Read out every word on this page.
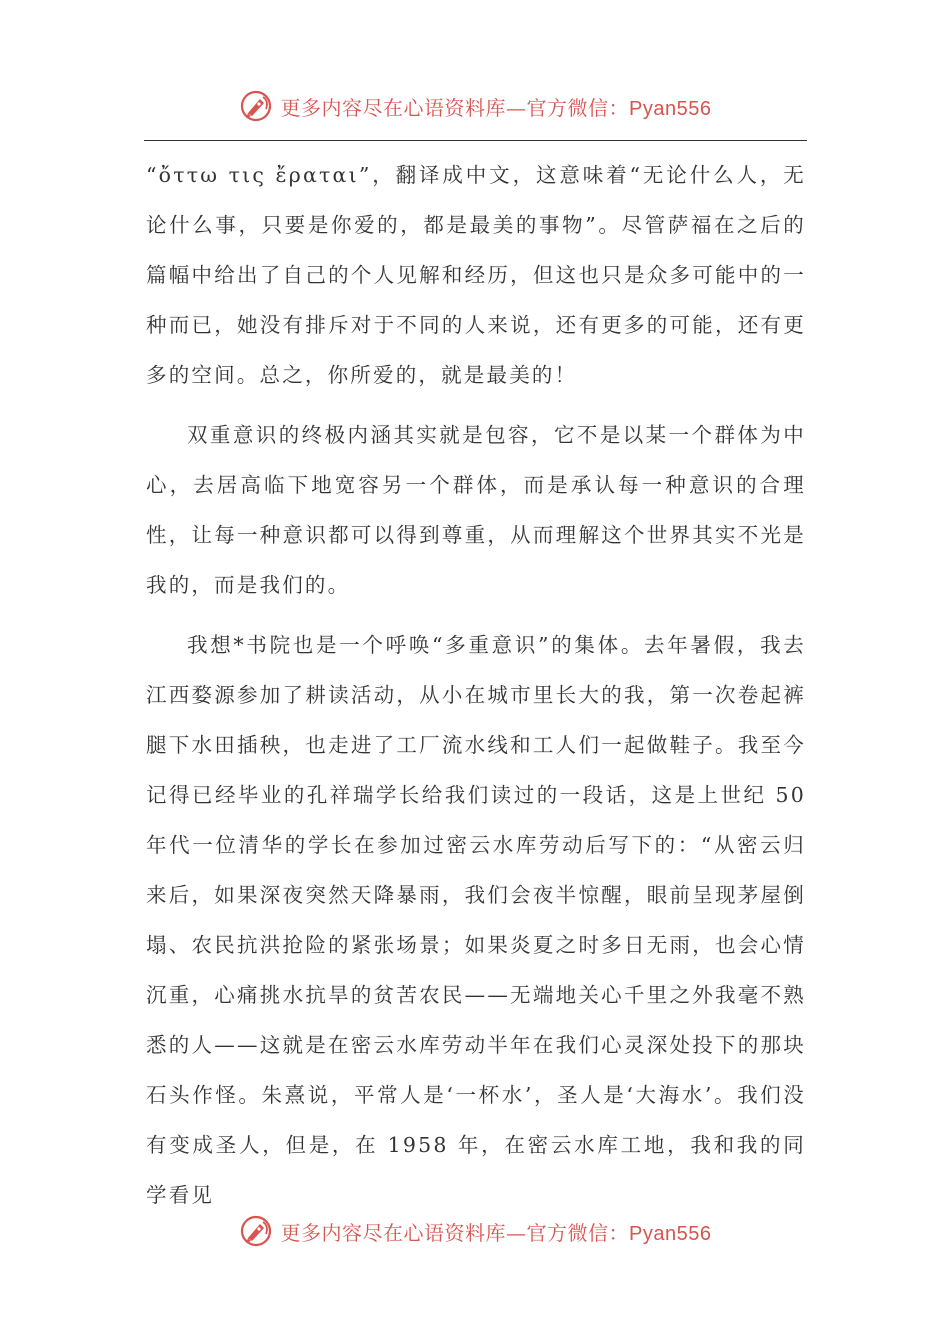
更多内容尽在心语资料库—官方微信：Pyan556

“ὄττω τις ἔραται”，翻译成中文，这意味着“无论什么人，无论什么事，只要是你爱的，都是最美的事物”。尽管萨福在之后的篇幅中给出了自己的个人见解和经历，但这也只是众多可能中的一种而已，她没有排斥对于不同的人来说，还有更多的可能，还有更多的空间。总之，你所爱的，就是最美的！

双重意识的终极内涵其实就是包容，它不是以某一个群体为中心，去居高临下地宽容另一个群体，而是承认每一种意识的合理性，让每一种意识都可以得到尊重，从而理解这个世界其实不光是我的，而是我们的。

我想*书院也是一个呼唤“多重意识”的集体。去年暑假，我去江西婺源参加了耕读活动，从小在城市里长大的我，第一次卷起裤腿下水田插秧，也走进了工厂流水线和工人们一起做鞋子。我至今记得已经毕业的孔祥瑞学长给我们读过的一段话，这是上世纪 50 年代一位清华的学长在参加过密云水库劳动后写下的：“从密云归来后，如果深夜突然天降暴雨，我们会夜半惊醒，眼前呈现茅屋倒塌、农民抗洪抢险的紧张场景；如果炎夏之时多日无雨，也会心情沉重，心痛挑水抗旱的贫苦农民——无端地关心千里之外我毫不熟悉的人——这就是在密云水库劳动半年在我们心灵深处投下的那块石头作怪。朱熹说，平常人是‘一杯水’，圣人是‘大海水’。我们没有变成圣人，但是，在 1958 年，在密云水库工地，我和我的同学看见

更多内容尽在心语资料库—官方微信：Pyan556
